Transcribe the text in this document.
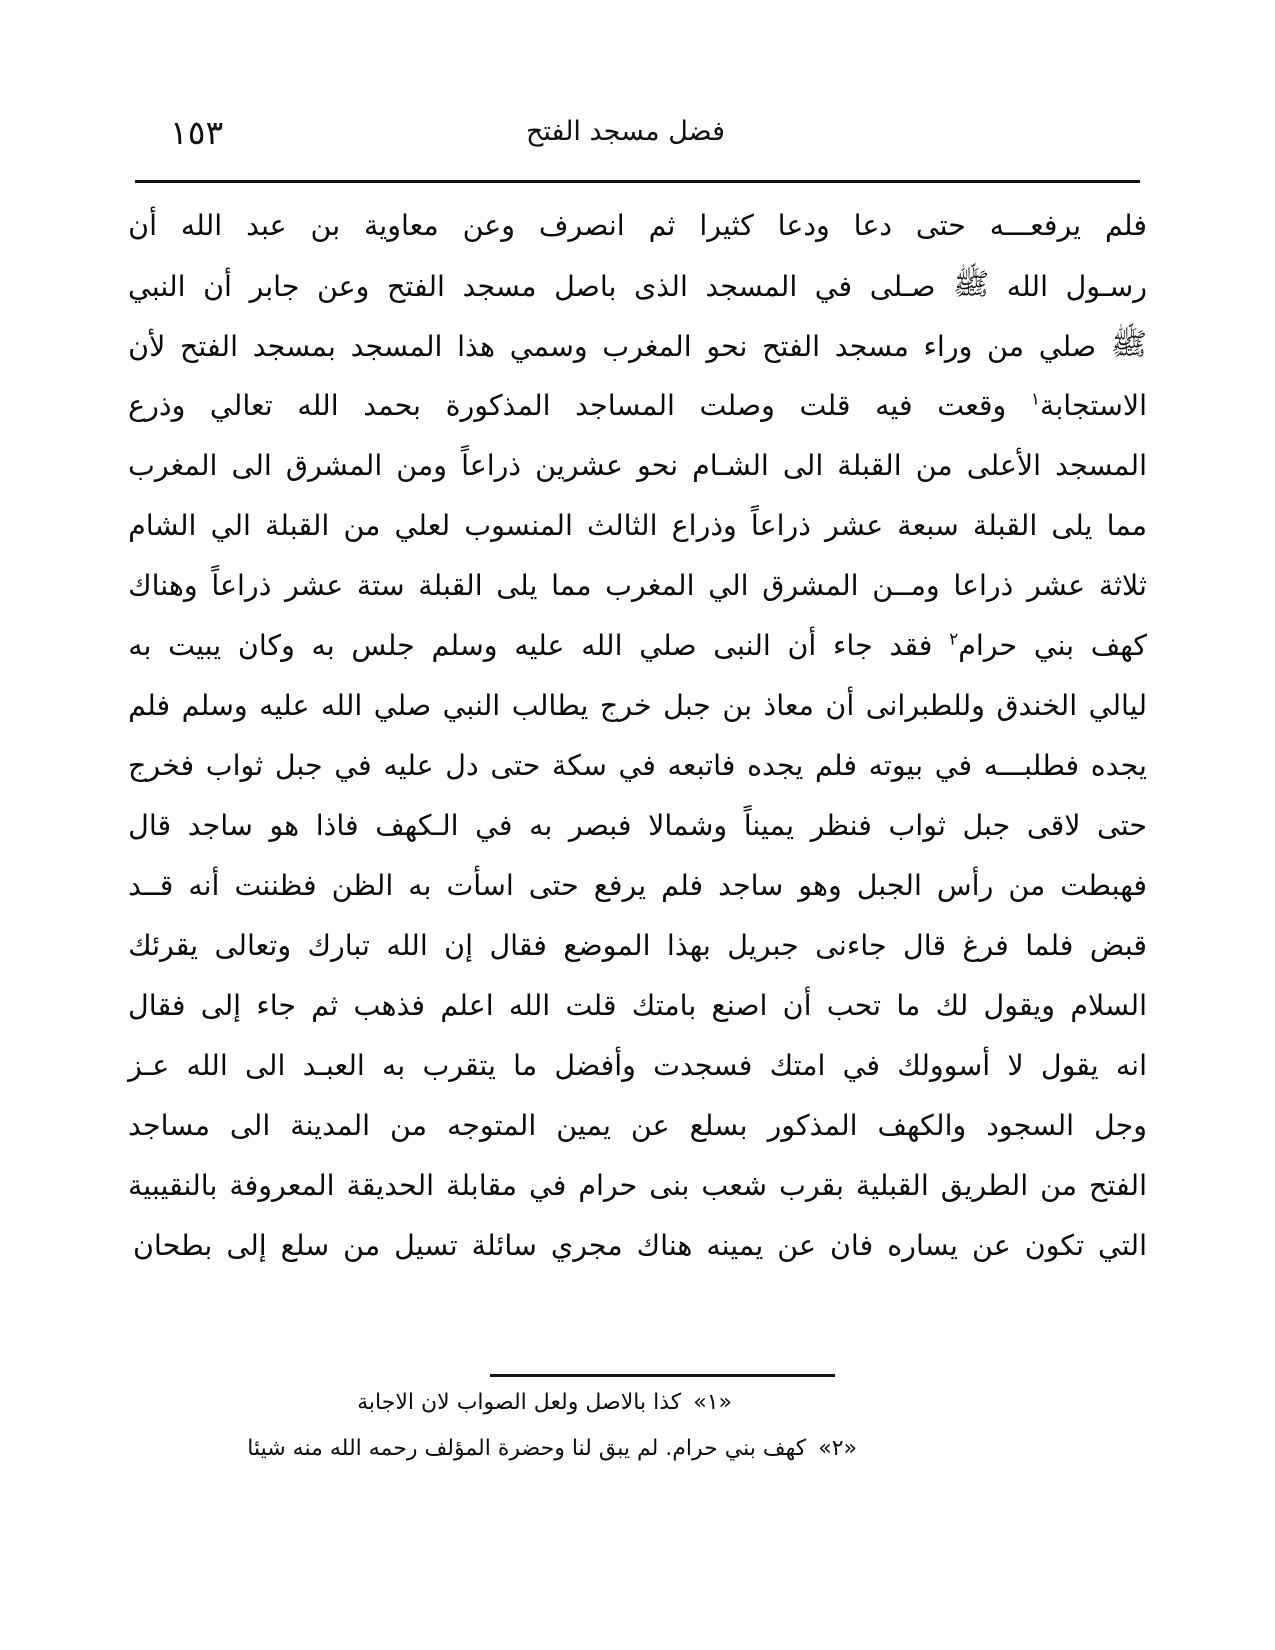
١٥٣	فضل مسجد الفتح
فلم
يرفعـــه
حتى
دعا
ودعا
كثيرا
ثم
انصرف
وعن
معاوية
بن
عبد
الله
أن
رسـول
الله
ﷺ
صـلى
في
المسجد
الذى
باصل
مسجد
الفتح
وعن
جابر
أن
النبي
ﷺ
صلي
من
وراء
مسجد
الفتح
نحو
المغرب
وسمي
هذا
المسجد
بمسجد
الفتح
لأن
الاستجابة$^١$
وقعت
فيه
قلت
وصلت
المساجد
المذكورة
بحمد
الله
تعالي
وذرع
المسجد
الأعلى
من
القبلة
الى
الشـام
نحو
عشرين
ذراعاً
ومن
المشرق
الى
المغرب
مما
يلى
القبلة
سبعة
عشر
ذراعاً
وذراع
الثالث
المنسوب
لعلي
من
القبلة
الي
الشام
ثلاثة
عشر
ذراعا
ومــن
المشرق
الي
المغرب
مما
يلى
القبلة
ستة
عشر
ذراعاً
وهناك
كهف
بني
حرام$^٢$
فقد
جاء
أن
النبى
صلي
الله
عليه
وسلم
جلس
به
وكان
يبيت
به
ليالي
الخندق
وللطبرانى
أن
معاذ
بن
جبل
خرج
يطالب
النبي
صلي
الله
عليه
وسلم
فلم
يجده
فطلبـــه
في
بيوته
فلم
يجده
فاتبعه
في
سكة
حتى
دل
عليه
في
جبل
ثواب
فخرج
حتى
لاقى
جبل
ثواب
فنظر
يميناً
وشمالا
فبصر
به
في
الـكهف
فاذا
هو
ساجد
قال
فهبطت
من
رأس
الجبل
وهو
ساجد
فلم
يرفع
حتى
اسأت
به
الظن
فظننت
أنه
قــد
قبض
فلما
فرغ
قال
جاءنى
جبريل
بهذا
الموضع
فقال
إن
الله
تبارك
وتعالى
يقرئك
السلام
ويقول
لك
ما
تحب
أن
اصنع
بامتك
قلت
الله
اعلم
فذهب
ثم
جاء
إلى
فقال
انه
يقول
لا
أسوولك
في
امتك
فسجدت
وأفضل
ما
يتقرب
به
العبـد
الى
الله
عـز
وجل
السجود
والكهف
المذكور
بسلع
عن
يمين
المتوجه
من
المدينة
الى
مساجد
الفتح
من
الطريق
القبلية
بقرب
شعب
بنى
حرام
في
مقابلة
الحديقة
المعروفة
بالنقيبية
التي
تكون
عن
يساره
فان
عن
يمينه
هناك
مجري
سائلة
تسيل
من
سلع
إلى
بطحان
«١»كذا بالاصل ولعل الصواب لان الاجابة
«٢»كهف بني حرام. لم يبق لنا وحضرة المؤلف رحمه الله منه شيئا
